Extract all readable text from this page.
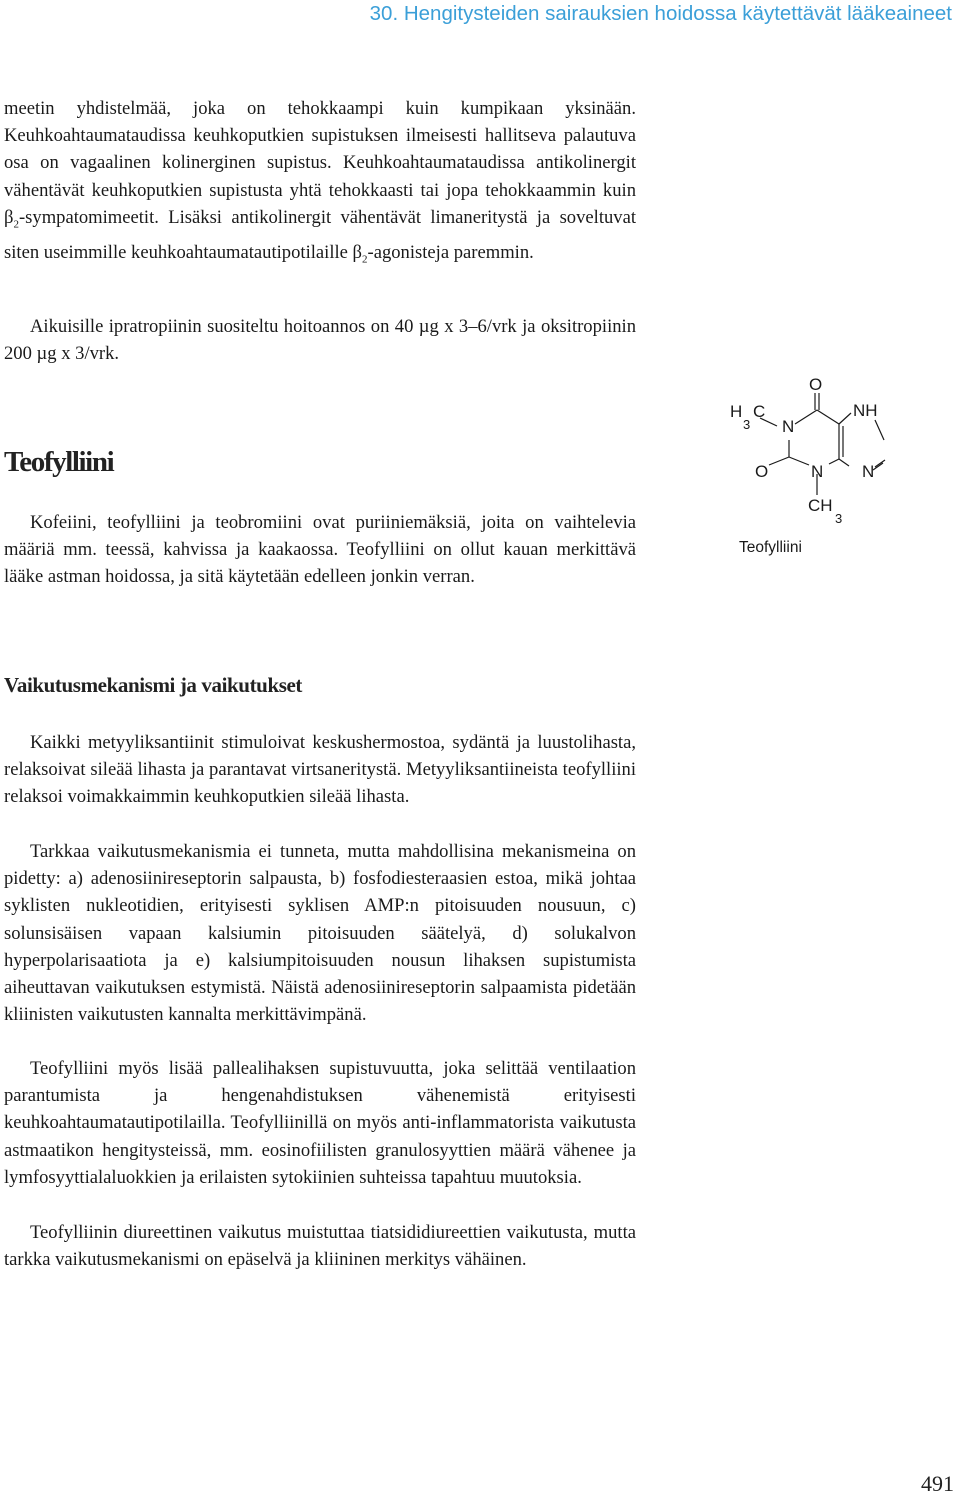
30. Hengitysteiden sairauksien hoidossa käytettävät lääkeaineet

meetin yhdistelmää, joka on tehokkaampi kuin kumpikaan yksinään. Keuhkoahtaumataudissa keuhkoputkien supistuksen ilmeisesti hallitseva palautuva osa on vagaalinen kolinerginen supistus. Keuhkoahtaumataudissa antikolinergit vähentävät keuhkoputkien supistusta yhtä tehokkaasti tai jopa tehokkaammin kuin $\beta_2$-sympatomimeetit. Lisäksi antikolinergit vähentävät limaneritystä ja soveltuvat siten useimmille keuhkoahtaumatautipotilaille $\beta_2$-agonisteja paremmin.

Aikuisille ipratropiinin suositeltu hoitoannos on 40 µg x 3–6/vrk ja oksitropiinin 200 µg x 3/vrk.

Teofylliini

Kofeiini, teofylliini ja teobromiini ovat puriiniemäksiä, joita on vaihtelevia määriä mm. teessä, kahvissa ja kaakaossa. Teofylliini on ollut kauan merkittävä lääke astman hoidossa, ja sitä käytetään edelleen jonkin verran.

O
H
3
C
N
NH
O	N N
CH
3
Teofylliini
Vaikutusmekanismi ja vaikutukset

Kaikki metyyliksantiinit stimuloivat keskushermostoa, sydäntä ja luustolihasta, relaksoivat sileää lihasta ja parantavat virtsaneritystä. Metyyliksantiineista teofylliini relaksoi voimakkaimmin keuhkoputkien sileää lihasta.

Tarkkaa vaikutusmekanismia ei tunneta, mutta mahdollisina mekanismeina on pidetty: a) adenosiinireseptorin salpausta, b) fosfodiesteraasien estoa, mikä johtaa syklisten nukleotidien, erityisesti syklisen AMP:n pitoisuuden nousuun, c) solunsisäisen vapaan kalsiumin pitoisuuden säätelyä, d) solukalvon hyperpolarisaatiota ja e) kalsiumpitoisuuden nousun lihaksen supistumista aiheuttavan vaikutuksen estymistä. Näistä adenosiinireseptorin salpaamista pidetään kliinisten vaikutusten kannalta merkittävimpänä.

Teofylliini myös lisää pallealihaksen supistuvuutta, joka selittää ventilaation parantumista ja hengenahdistuksen vähenemistä erityisesti keuhkoahtaumatautipotilailla. Teofylliinillä on myös anti-inflammatorista vaikutusta astmaatikon hengitysteissä, mm. eosinofiilisten granulosyyttien määrä vähenee ja lymfosyyttialaluokkien ja erilaisten sytokiinien suhteissa tapahtuu muutoksia.

Teofylliinin diureettinen vaikutus muistuttaa tiatsididiureettien vaikutusta, mutta tarkka vaikutusmekanismi on epäselvä ja kliininen merkitys vähäinen.

491
